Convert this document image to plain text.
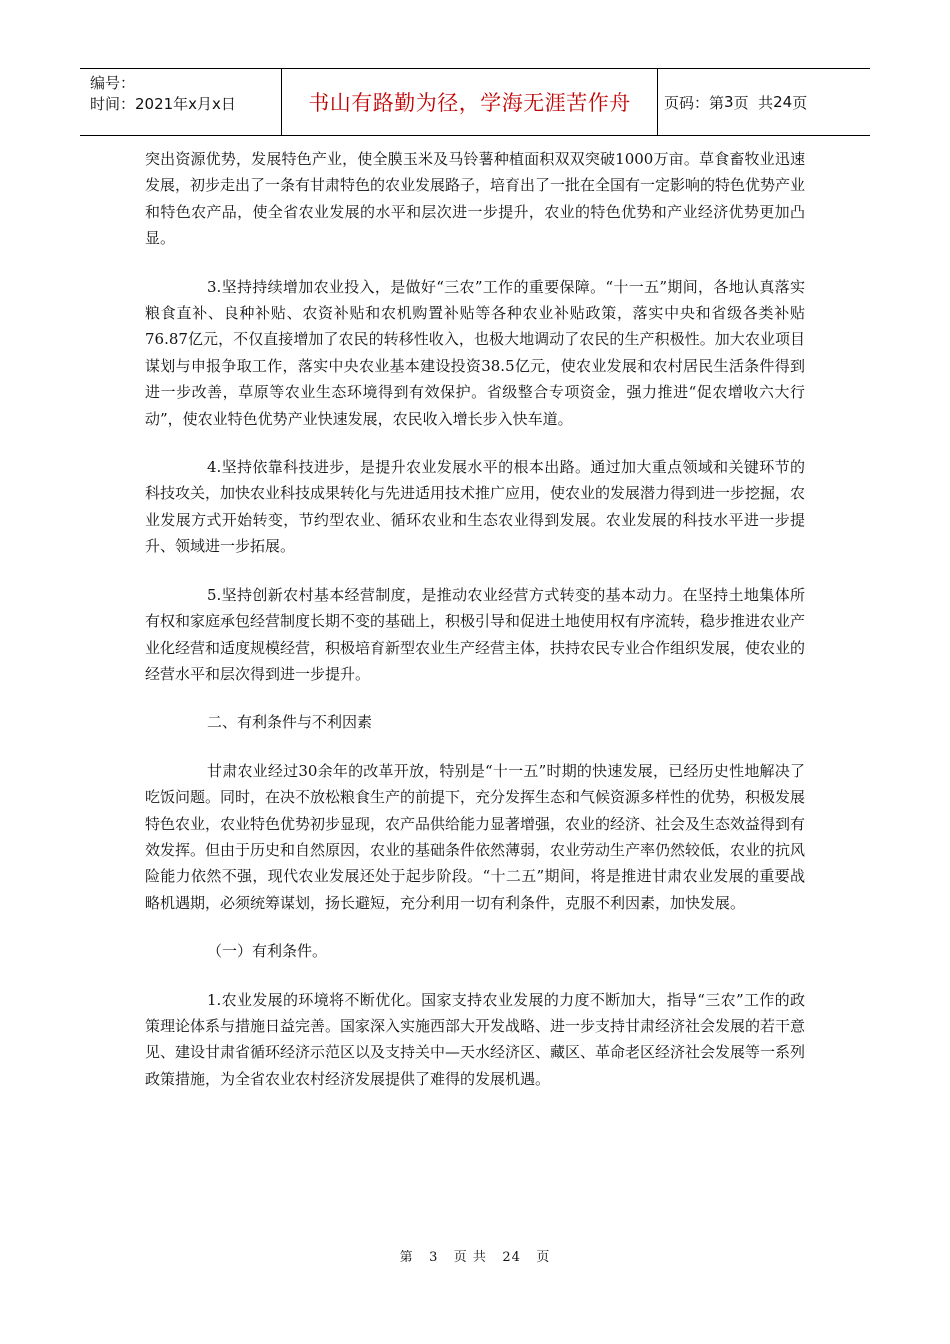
编号：
时间：2021年x月x日	书山有路勤为径，学海无涯苦作舟	页码：第 3 页  共 24 页

突出资源优势，发展特色产业，使全膜玉米及马铃薯种植面积双双突破1000万亩。草食畜牧业迅速发展，初步走出了一条有甘肃特色的农业发展路子，培育出了一批在全国有一定影响的特色优势产业和特色农产品，使全省农业发展的水平和层次进一步提升，农业的特色优势和产业经济优势更加凸显。

3.坚持持续增加农业投入，是做好“三农”工作的重要保障。“十一五”期间，各地认真落实粮食直补、良种补贴、农资补贴和农机购置补贴等各种农业补贴政策，落实中央和省级各类补贴76.87亿元，不仅直接增加了农民的转移性收入，也极大地调动了农民的生产积极性。加大农业项目谋划与申报争取工作，落实中央农业基本建设投资38.5亿元，使农业发展和农村居民生活条件得到进一步改善，草原等农业生态环境得到有效保护。省级整合专项资金，强力推进“促农增收六大行动”，使农业特色优势产业快速发展，农民收入增长步入快车道。

4.坚持依靠科技进步，是提升农业发展水平的根本出路。通过加大重点领域和关键环节的科技攻关，加快农业科技成果转化与先进适用技术推广应用，使农业的发展潜力得到进一步挖掘，农业发展方式开始转变，节约型农业、循环农业和生态农业得到发展。农业发展的科技水平进一步提升、领域进一步拓展。

5.坚持创新农村基本经营制度，是推动农业经营方式转变的基本动力。在坚持土地集体所有权和家庭承包经营制度长期不变的基础上，积极引导和促进土地使用权有序流转，稳步推进农业产业化经营和适度规模经营，积极培育新型农业生产经营主体，扶持农民专业合作组织发展，使农业的经营水平和层次得到进一步提升。

二、有利条件与不利因素

甘肃农业经过30余年的改革开放，特别是“十一五”时期的快速发展，已经历史性地解决了吃饭问题。同时，在决不放松粮食生产的前提下，充分发挥生态和气候资源多样性的优势，积极发展特色农业，农业特色优势初步显现，农产品供给能力显著增强，农业的经济、社会及生态效益得到有效发挥。但由于历史和自然原因，农业的基础条件依然薄弱，农业劳动生产率仍然较低，农业的抗风险能力依然不强，现代农业发展还处于起步阶段。“十二五”期间，将是推进甘肃农业发展的重要战略机遇期，必须统筹谋划，扬长避短，充分利用一切有利条件，克服不利因素，加快发展。

（一）有利条件。

1.农业发展的环境将不断优化。国家支持农业发展的力度不断加大，指导“三农”工作的政策理论体系与措施日益完善。国家深入实施西部大开发战略、进一步支持甘肃经济社会发展的若干意见、建设甘肃省循环经济示范区以及支持关中—天水经济区、藏区、革命老区经济社会发展等一系列政策措施，为全省农业农村经济发展提供了难得的发展机遇。

第 3 页 共 24 页
